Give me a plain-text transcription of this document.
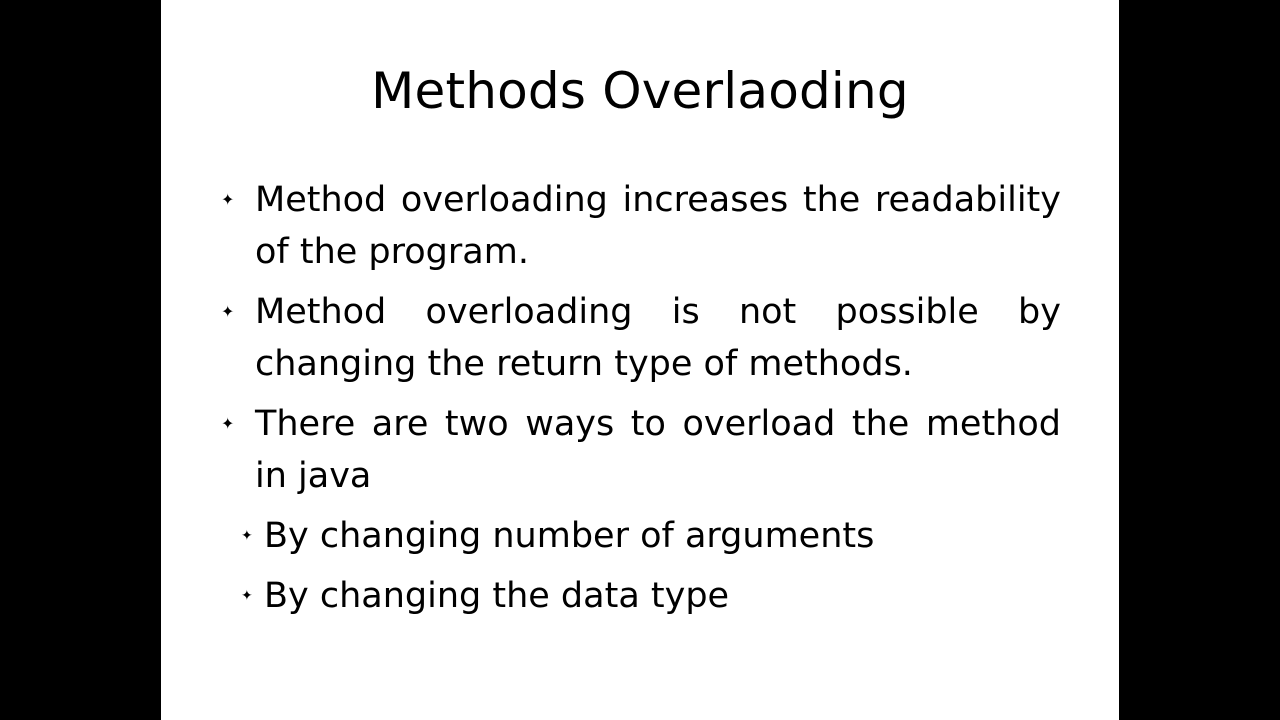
Methods Overlaoding
✦ Method overloading increases the readability of the program.
✦ Method overloading is not possible by changing the return type of methods.
✦ There are two ways to overload the method in java
✦ By changing number of arguments
✦ By changing the data type
